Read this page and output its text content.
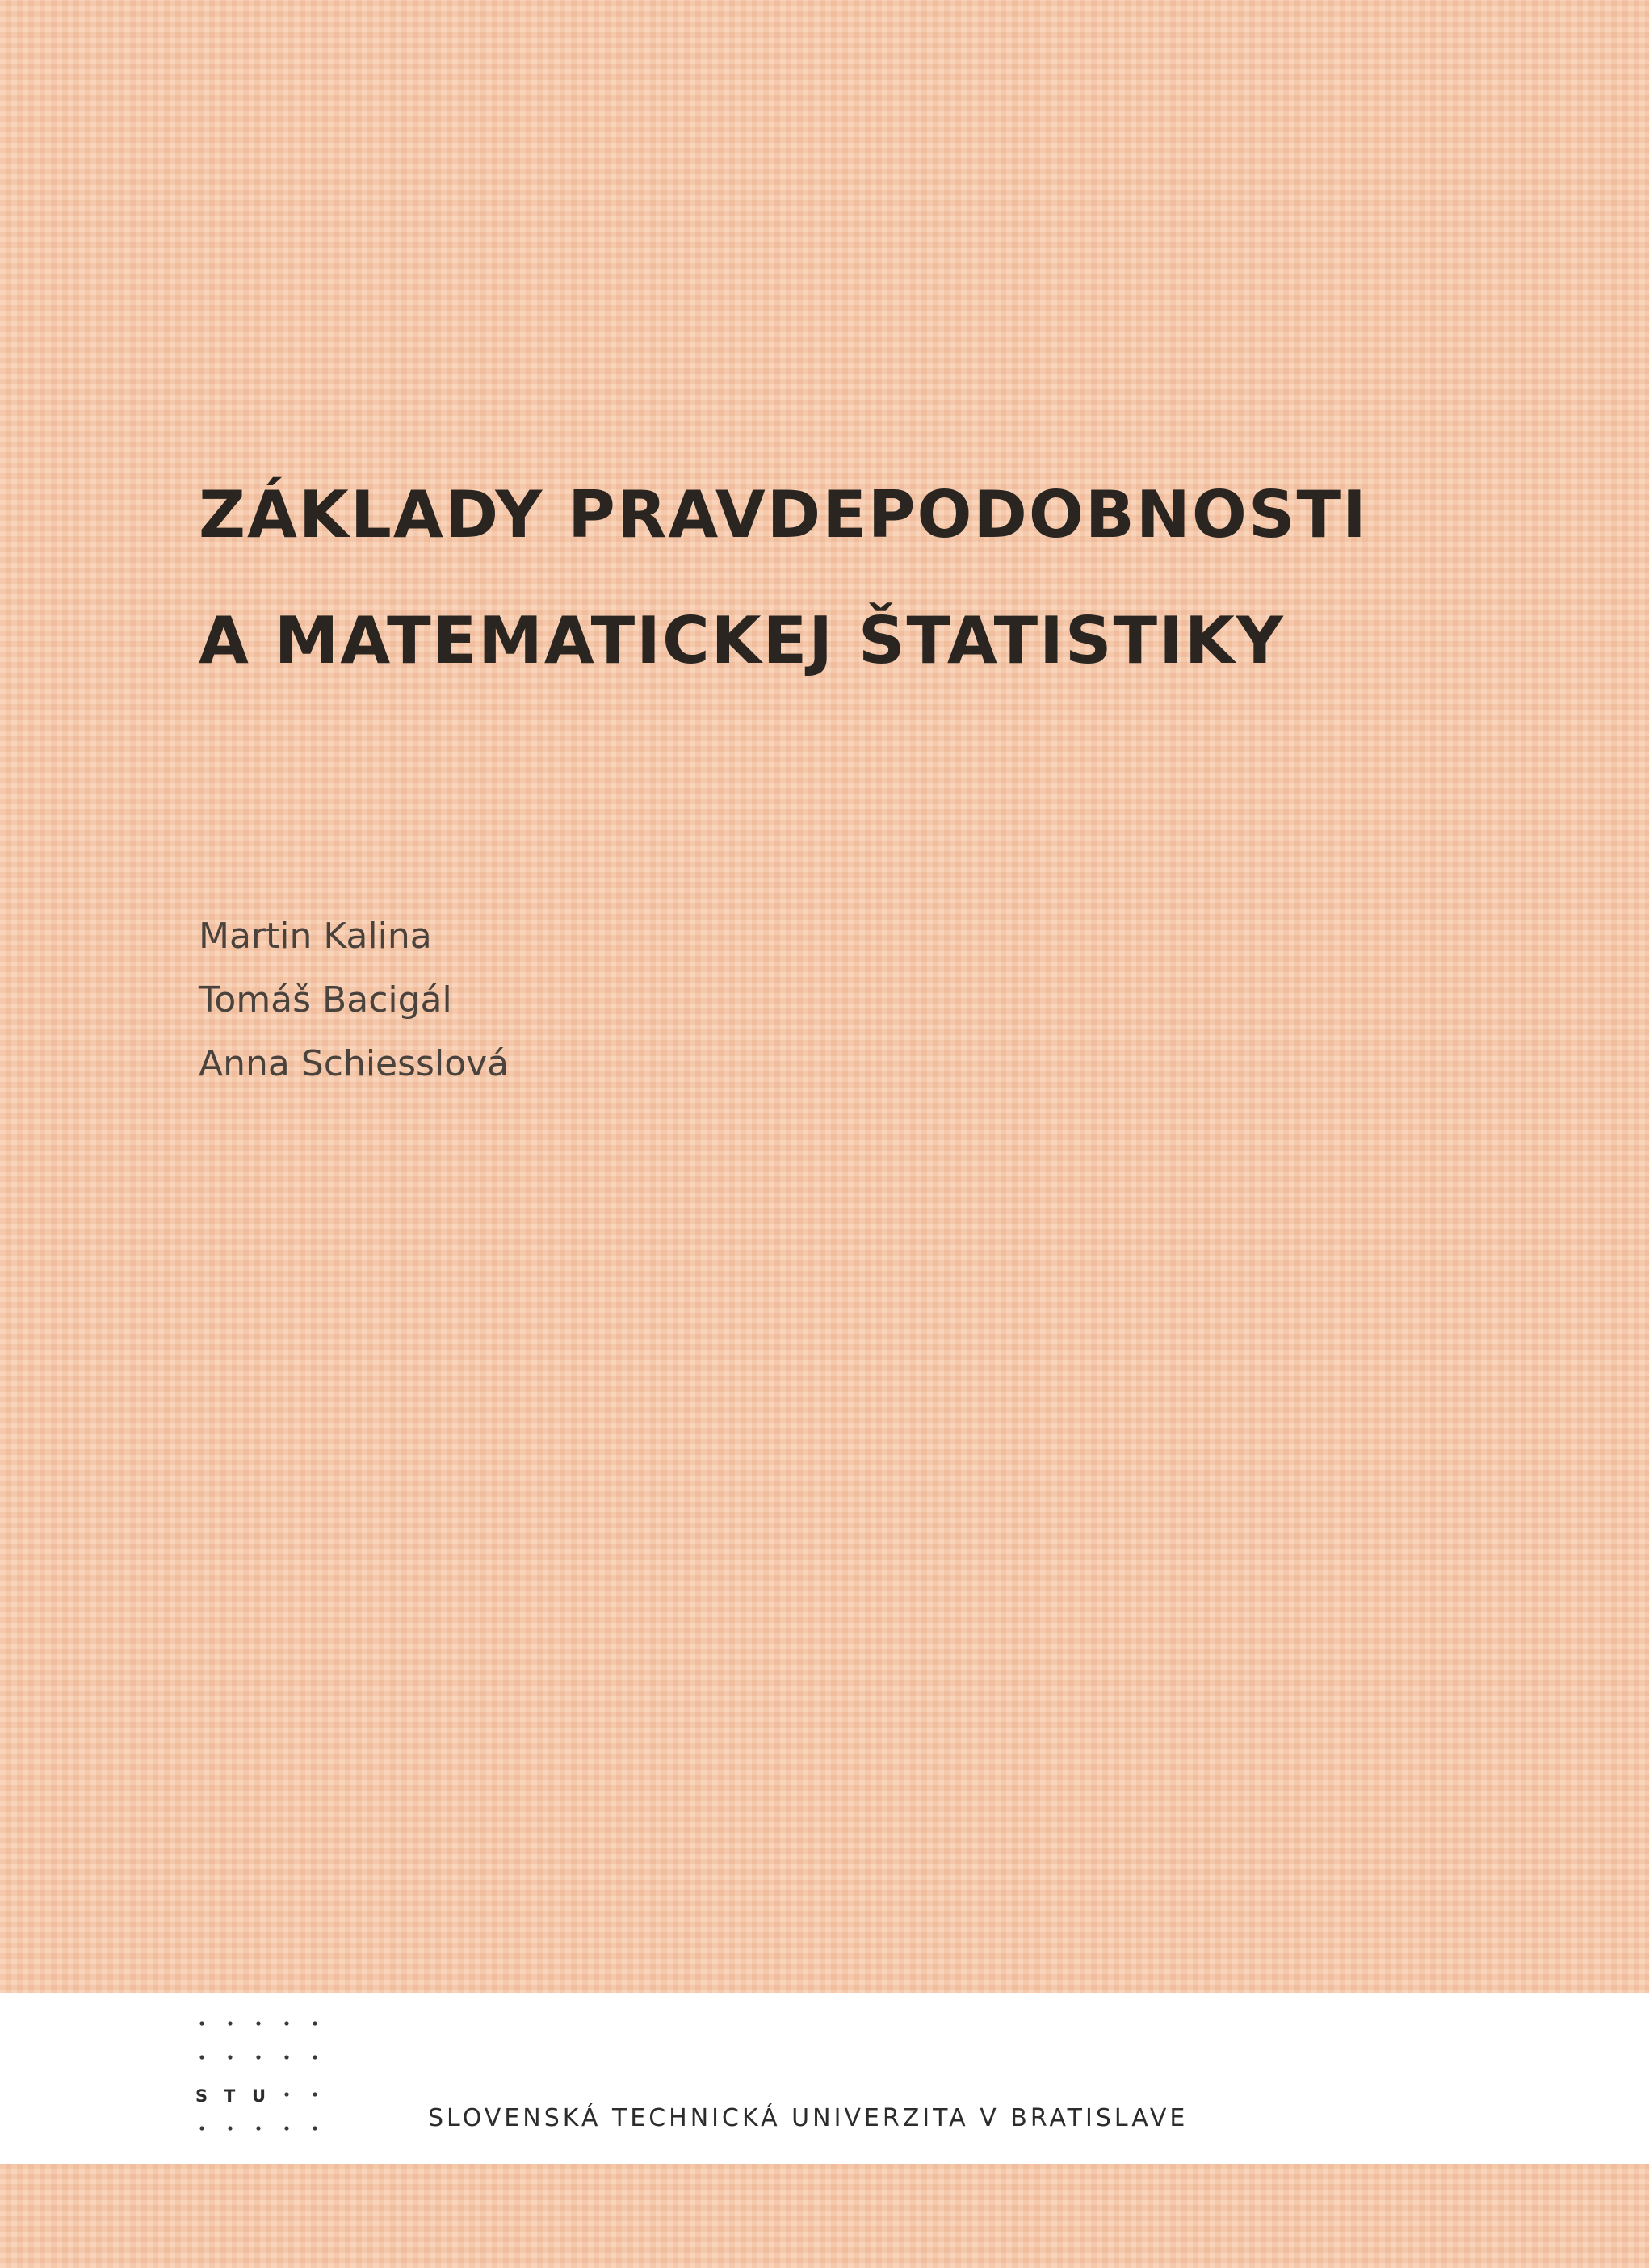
ZÁKLADY PRAVDEPODOBNOSTI
A MATEMATICKEJ ŠTATISTIKY
Martin Kalina
Tomáš Bacigál
Anna Schiesslová
S T U
SLOVENSKÁ TECHNICKÁ UNIVERZITA V BRATISLAVE
